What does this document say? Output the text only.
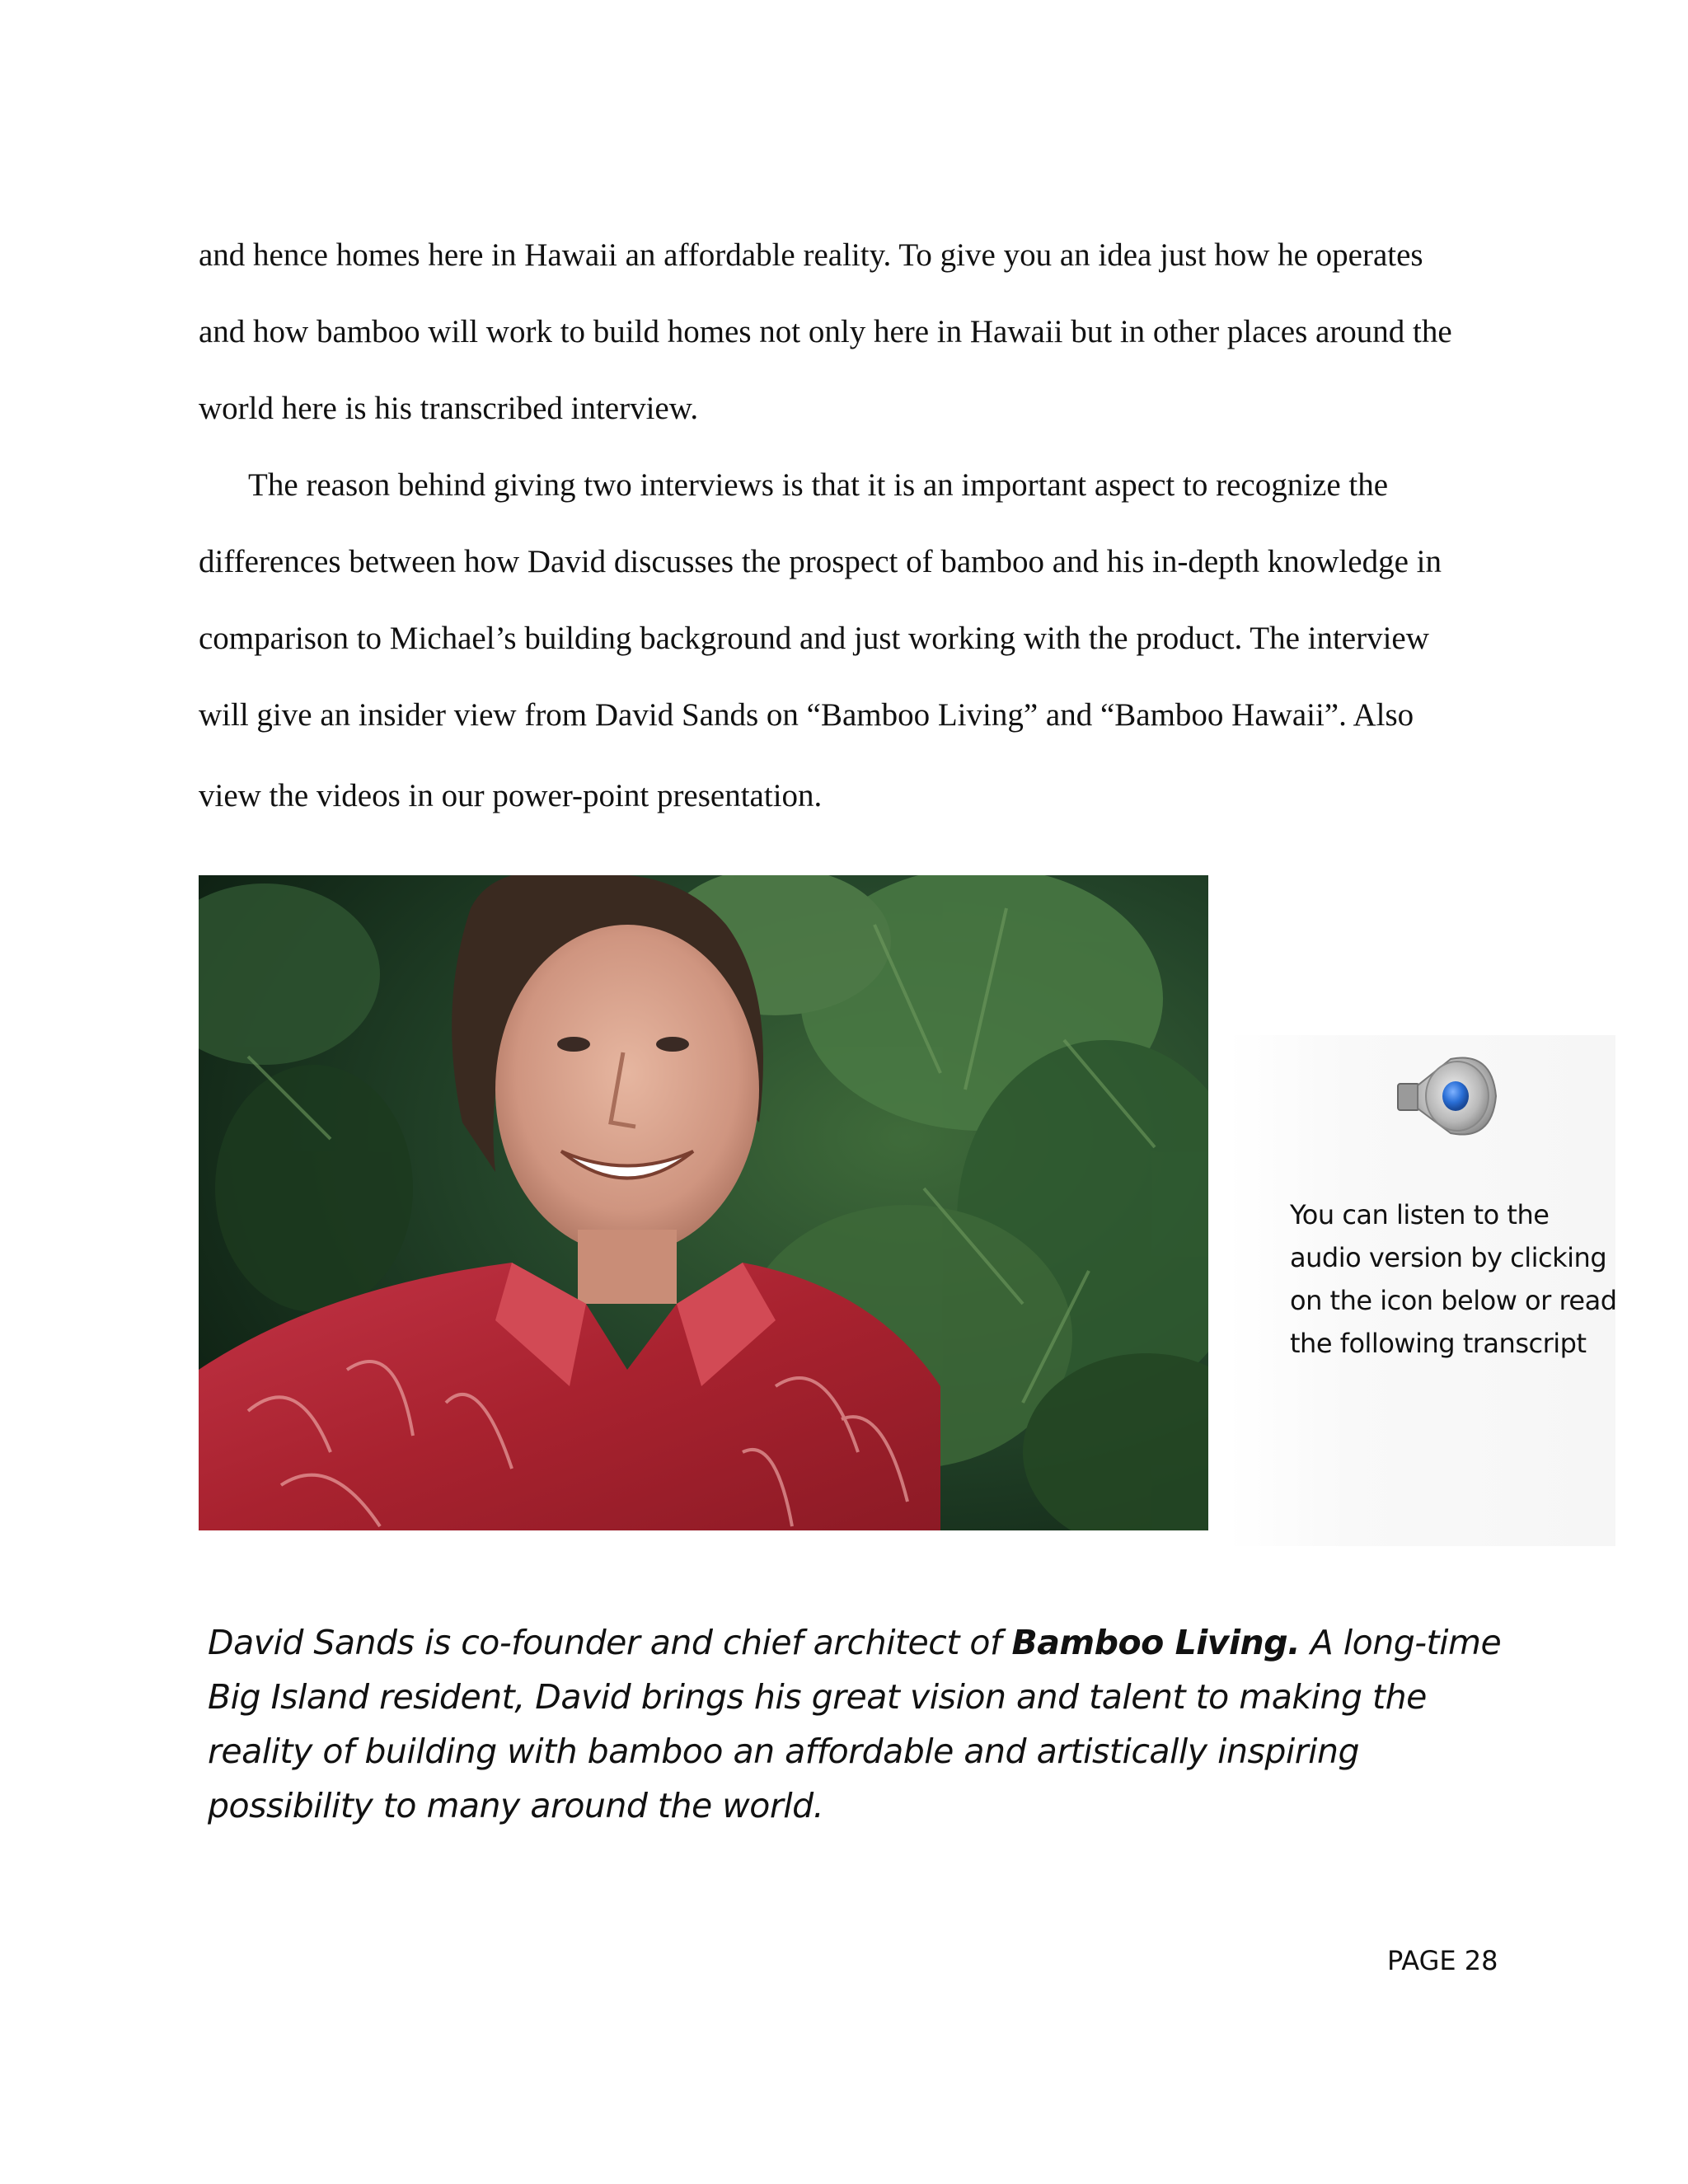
and hence homes here in Hawaii an affordable reality. To give you an idea just how he operates
and how bamboo will work to build homes not only here in Hawaii but in other places around the
world here is his transcribed interview.
The reason behind giving two interviews is that it is an important aspect to recognize the
differences between how David discusses the prospect of bamboo and his in-depth knowledge in
comparison to Michael’s building background and just working with the product. The interview
will give an insider view from David Sands on “Bamboo Living” and “Bamboo Hawaii”. Also
view the videos in our power-point presentation.
You can listen to the
audio version by clicking
on the icon below or read
the following transcript
David Sands is co-founder and chief architect of Bamboo Living. A long-time
Big Island resident, David brings his great vision and talent to making the
reality of building with bamboo an affordable and artistically inspiring
possibility to many around the world.
PAGE 28
